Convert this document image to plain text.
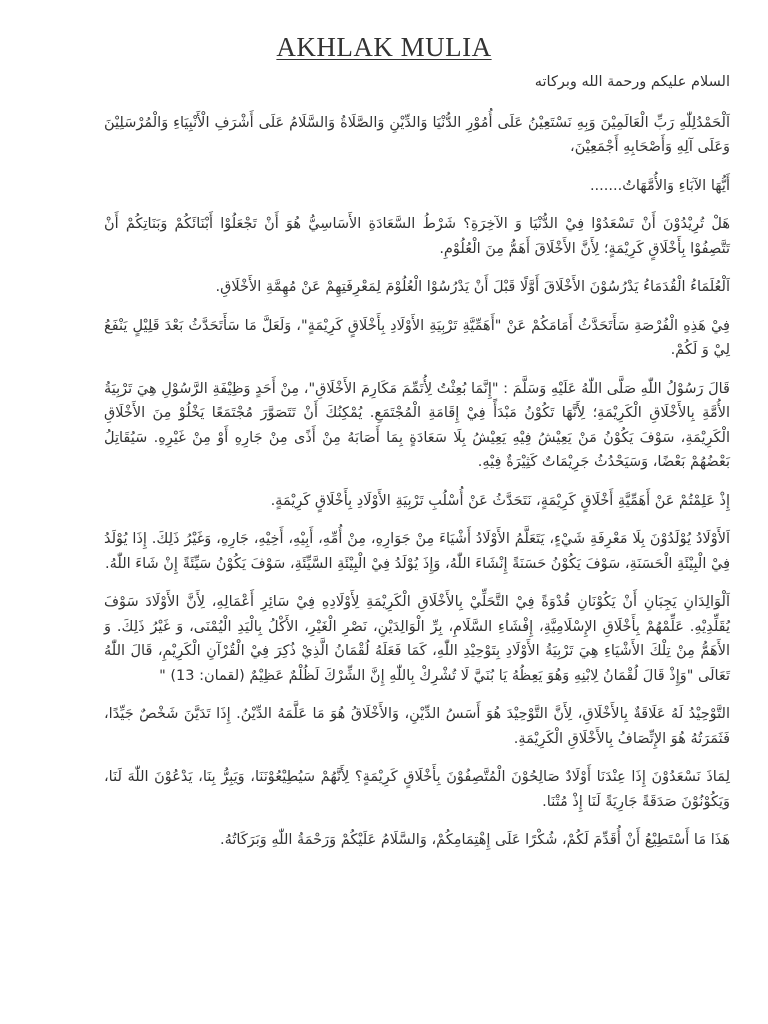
AKHLAK MULIA

السلام عليكم ورحمة الله وبركاته

اَلْحَمْدُلِلّٰهِ رَبِّ الْعَالَمِيْنَ وَبِهِ نَسْتَعِيْنُ عَلَى أُمُوْرِ الدُّنْيَا وَالدِّيْنِ وَالصَّلَاةُ وَالسَّلَامُ عَلَى أَشْرَفِ الْأَنْبِيَاءِ وَالْمُرْسَلِيْنَ وَعَلَى آلِهِ وَأَصْحَابِهِ أَجْمَعِيْنَ،

أَيُّهَا الآبَاءِ وَالأُمَّهَاتُ.......

هَلْ تُرِيْدُوْنَ أَنْ تَسْعَدُوْا فِيْ الدُّنْيَا وَ الآخِرَةِ؟ شَرْطُ السَّعَادَةِ الأَسَاسِيُّ هُوَ أَنْ تَجْعَلُوْا أَبْنَائَكُمْ وَبَنَاتِكُمْ أَنْ تَتَّصِفُوْا بِأَخْلَاقٍ كَرِيْمَةٍ؛ لِأَنَّ الأَخْلَاقَ أَهَمُّ مِنَ الْعُلُوْمِ.

اَلْعُلَمَاءُ الْقُدَمَاءُ يَدْرُسُوْنَ الأَخْلَاقَ أَوَّلًا قَبْلَ أَنْ يَدْرُسُوْا الْعُلُوْمَ لِمَعْرِفَتِهِمْ عَنْ مُهِمَّةِ الأَخْلَاقِ.

فِيْ هَذِهِ الْفُرْصَةِ سَأَتَحَدَّثُ أَمَامَكُمْ عَنْ "أَهَمِّيَّةِ تَرْبِيَةِ الأَوْلَادِ بِأَخْلَاقٍ كَرِيْمَةٍ"، وَلَعَلَّ مَا سَأَتَحَدَّثُ بَعْدَ قَلِيْلٍ يَنْفَعُ لِيْ وَ لَكُمْ.

قَالَ رَسُوْلُ اللّٰهِ صَلَّى اللّٰهُ عَلَيْهِ وَسَلَّمَ : "إِنَّمَا بُعِثْتُ لِأُتَمِّمَ مَكَارِمَ الأَخْلَاقِ"، مِنْ أَحَدٍ وَظِيْفَةِ الرَّسُوْلِ هِيَ تَرْبِيَةُ الأُمَّةِ بِالأَخْلَاقِ الْكَرِيْمَةِ؛ لِأَنَّهَا تَكُوْنُ مَبْدَأً فِيْ إِقَامَةِ الْمُجْتَمَعِ. يُمْكِنُكَ أَنْ تَتَصَوَّرَ مُجْتَمَعًا يَخْلُوْ مِنَ الأَخْلَاقِ الْكَرِيْمَةِ، سَوْفَ يَكُوْنُ مَنْ يَعِيْشُ فِيْهِ يَعِيْشُ بِلَا سَعَادَةٍ بِمَا أَصَابَهُ مِنْ أَذًى مِنْ جَارِهِ أَوْ مِنْ غَيْرِهِ. سَيُقَاتِلُ بَعْضُهُمْ بَعْضًا، وَسَيَحْدُثُ جَرِيْمَاتٌ كَثِيْرَةٌ فِيْهِ.

إِذْ عَلِمْتُمْ عَنْ أَهَمِّيَّةِ أَخْلَاقٍ كَرِيْمَةٍ، نَتَحَدَّثُ عَنْ أُسْلُبِ تَرْبِيَةِ الأَوْلَادِ بِأَخْلَاقٍ كَرِيْمَةٍ.

اَلأَوْلَادُ يُوْلَدُوْنَ بِلَا مَعْرِفَةِ شَيْءٍ، يَتَعَلَّمُ الأَوْلَادُ أَشْيَاءَ مِنْ جَوَارِهِ، مِنْ أُمِّهِ، أَبِيْهِ، أَخِيْهِ، جَارِهِ، وَغَيْرُ ذَلِكَ. إِذَا يُوْلَدُ فِيْ الْبِيْئَةِ الْحَسَنَةِ، سَوْفَ يَكُوْنُ حَسَنَةً إِنْشَاءَ اللّٰهُ، وَإِذَ يُوْلَدُ فِيْ الْبِيْئَةِ السَّيِّئَةِ، سَوْفَ يَكُوْنُ سَيِّئَةً إِنْ شَاءَ اللّٰهُ.

اَلْوَالِدَانِ يَجِبَانِ أَنْ يَكُوْنَانِ قُدْوَةً فِيْ التَّحَلِّيْ بِالأَخْلَاقِ الْكَرِيْمَةِ لِأَوْلَادِهِ فِيْ سَائِرِ أَعْمَالِهِ، لِأَنَّ الأَوْلَادَ سَوْفَ يُقَلِّدِيْهِ. عَلِّمْهُمْ بِأَخْلَاقِ الإِسْلَامِيَّةِ، إِفْشَاءِ السَّلَامِ، بِرِّ الْوَالِدَيْنِ، نَصْرِ الْغَيْرِ، الأَكْلُ بِالْيَدِ الْيُمْنَى، وَ غَيْرُ ذَلِكَ. وَ الأَهَمُّ مِنْ تِلْكَ الأَشْيَاءِ هِيَ تَرْبِيَةُ الأَوْلَادِ بِتَوْحِيْدِ اللّٰهِ، كَمَا فَعَلَهُ لُقْمَانُ الَّذِيْ ذُكِرَ فِيْ الْقُرْآنِ الْكَرِيْمِ، قَالَ اللّٰهُ تَعَالَى "وَإِذْ قَالَ لُقْمَانُ لِابْنِهِ وَهُوَ يَعِظُهُ يَا بُنَيَّ لَا تُشْرِكْ بِاللّٰهِ إِنَّ الشِّرْكَ لَظُلْمٌ عَظِيْمٌ (لقمان: 13) "

التَّوْحِيْدُ لَهُ عَلَاقَةٌ بِالأَخْلَاقِ، لِأَنَّ التَّوْحِيْدَ هُوَ أَسَسُ الدِّيْنِ، وَالأَخْلَاقُ هُوَ مَا عَلَّمَهُ الدِّيْنُ. إِذَا تَدَيَّنَ شَخْصٌ جَيِّدًا، فَثَمَرَتُهُ هُوَ الإِتِّصَافُ بِالأَخْلَاقِ الْكَرِيْمَةِ.

لِمَاذَ نَسْعَدُوْنَ إِذَا عِنْدَنَا أَوْلَادٌ صَالِحُوْنَ الْمُتَّصِفُوْنَ بِأَخْلَاقٍ كَرِيْمَةٍ؟ لِأَنَّهُمْ سَيُطِيْعُوْنَنَا، وَيَبِرُّ بِنَا، يَدْعُوْنَ اللّٰهَ لَنَا، وَيَكُوْنُوْنَ صَدَقَةً جَارِيَةً لَنَا إِذْ مُتْنَا.

هَذَا مَا أَسْتَطِيْعُ أَنْ أُقَدِّمَ لَكُمْ، شُكْرًا عَلَى إِهْتِمَامِكُمْ، وَالسَّلَامُ عَلَيْكُمْ وَرَحْمَةُ اللّٰهِ وَبَرَكَاتُهُ.
